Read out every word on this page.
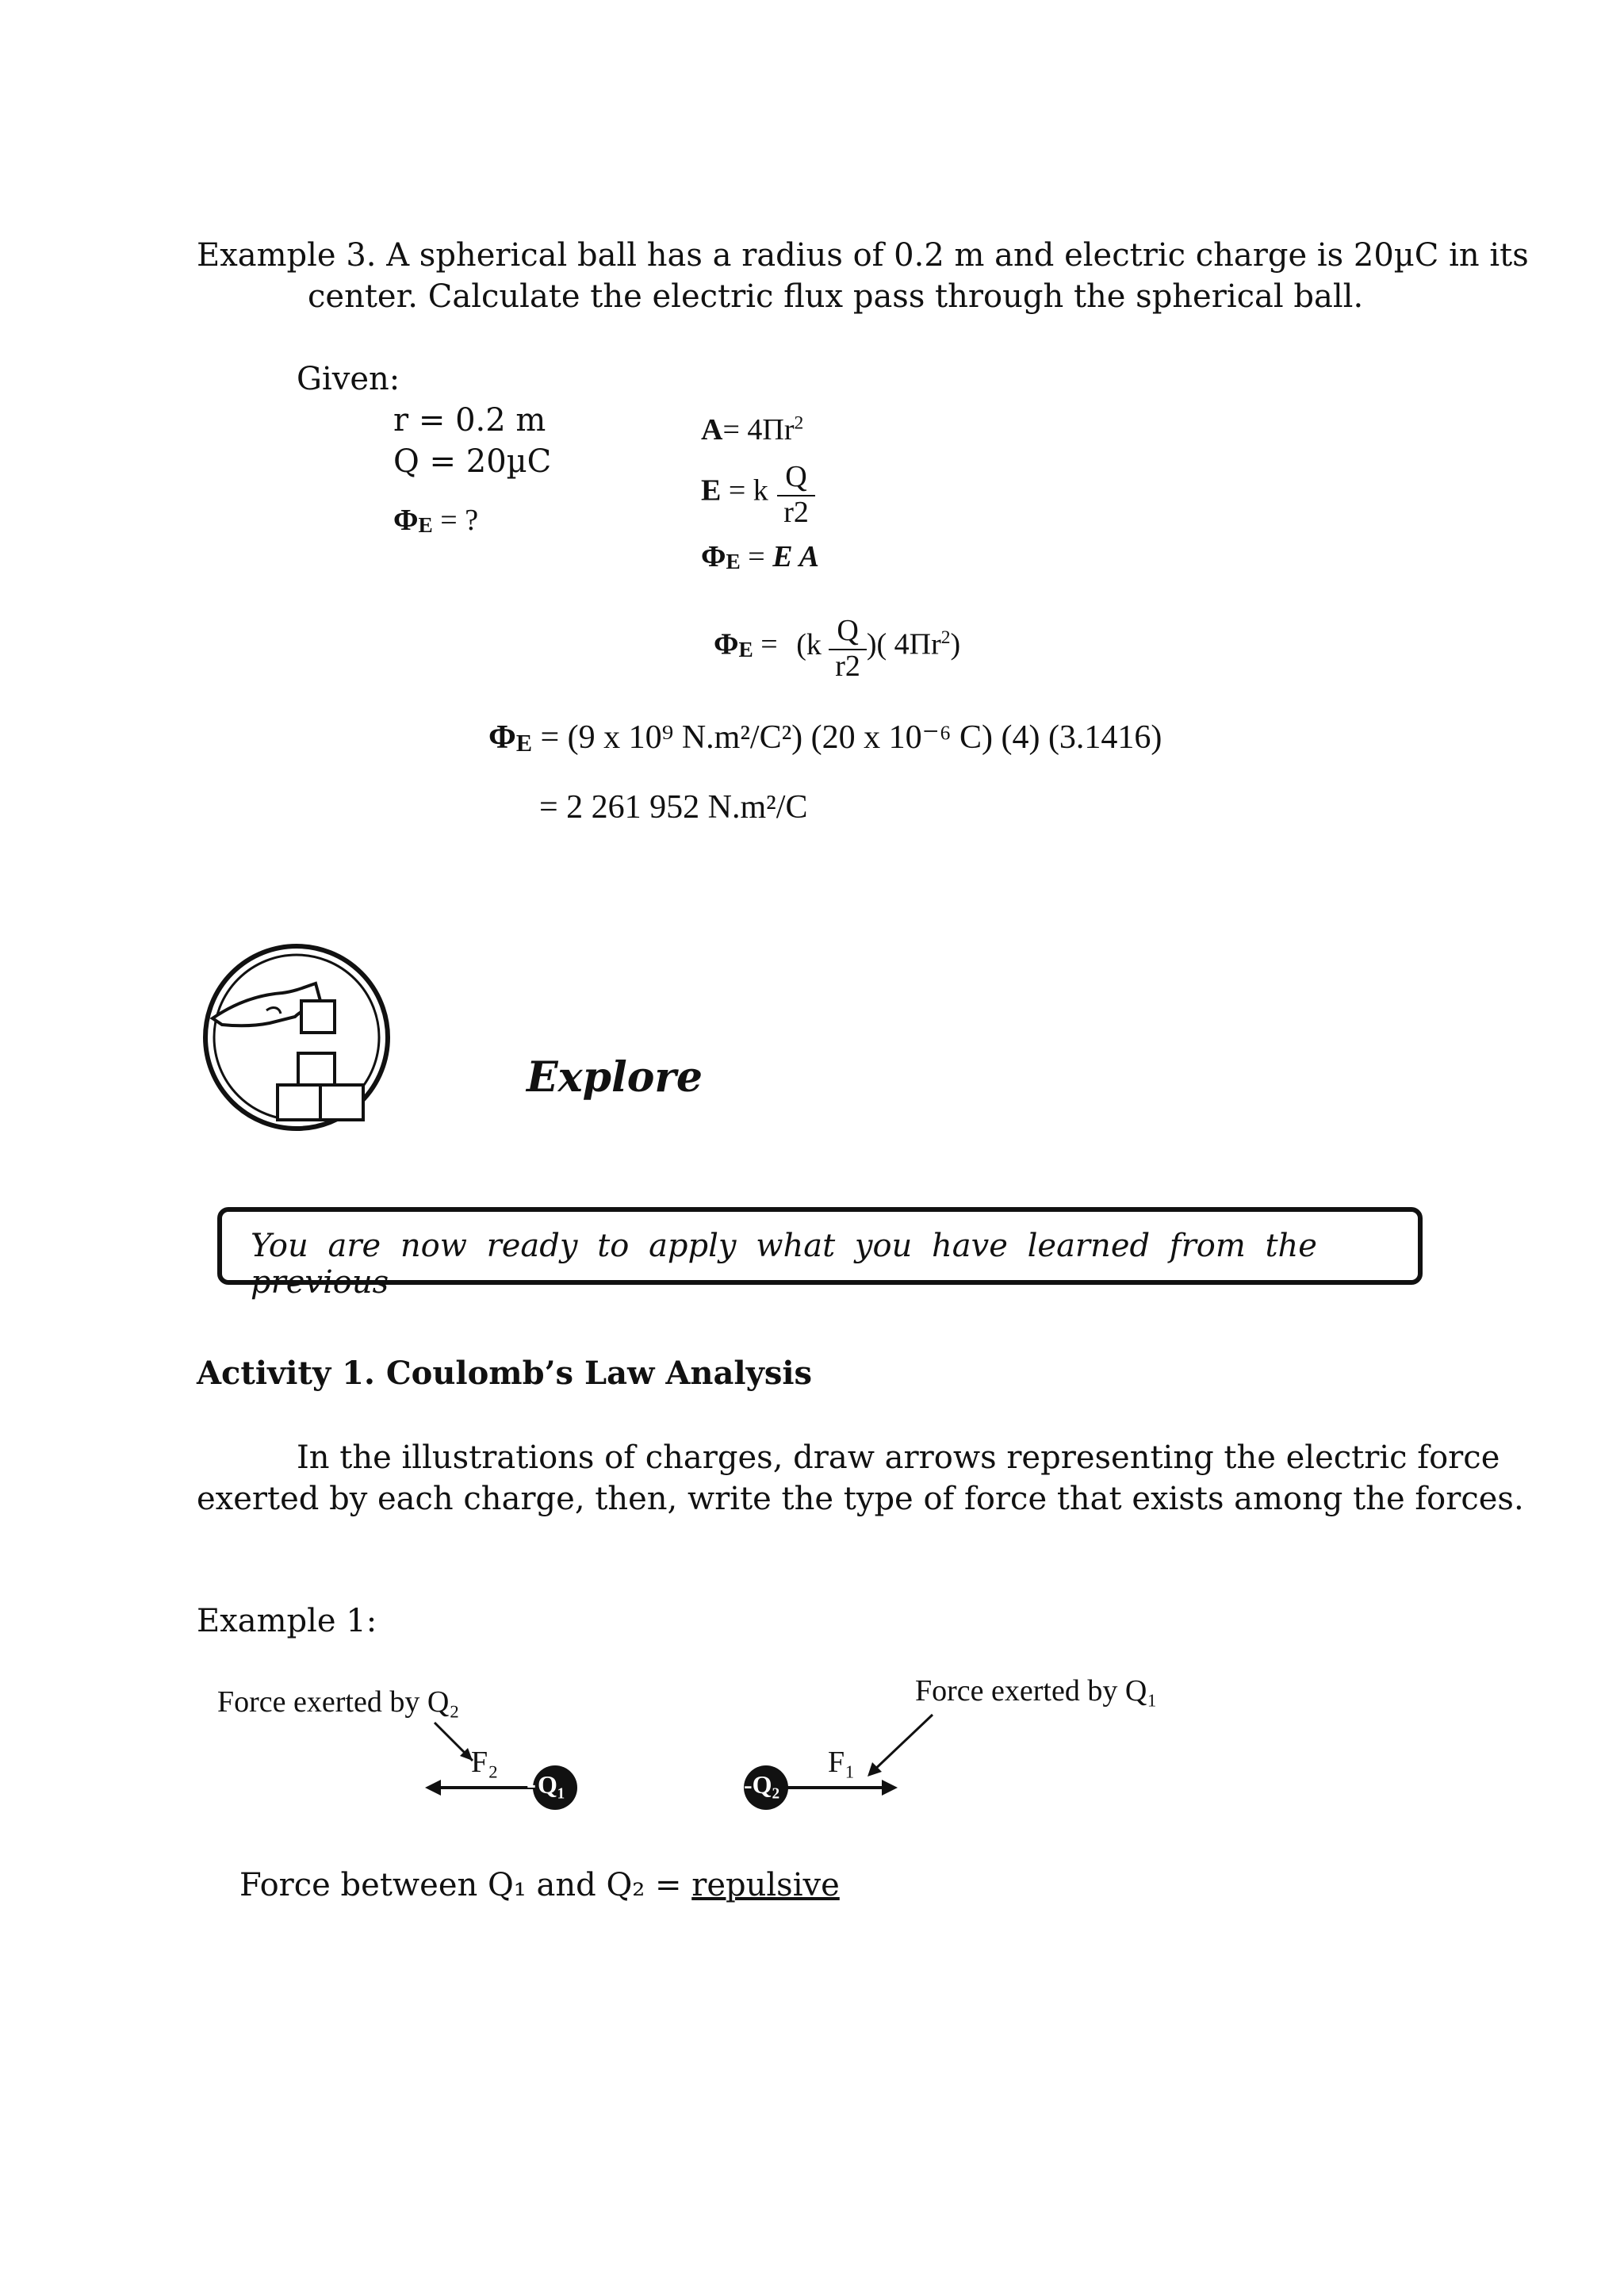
Example 3. A spherical ball has a radius of 0.2 m and electric charge is 20µC in its
center. Calculate the electric flux pass through the spherical ball.
Given:
r = 0.2 m
Q = 20µC
$\Phi_E$ = ?
$A= 4\Pi r^2$
E = k $\frac{Q}{r2}$
$\Phi_E = E$ A
$\Phi_E = (k \frac{Q}{r2}$ )( $4\Pi r^2$)
$\Phi_E = (9$ x 10⁹ N.m²/C²) (20 x 10⁻⁶ C) (4) (3.1416)
= 2 261 952 N.m²/C
Explore
You are now ready to apply what you have learned from the previous
Activity 1. Coulomb’s Law Analysis
In the illustrations of charges, draw arrows representing the electric force
exerted by each charge, then, write the type of force that exists among the forces.
Example 1:
Force exerted by Q₂	Force exerted by Q₁
F₂	F₁
- Q₁	-Q₂
Force between Q₁ and Q₂ = repulsive
